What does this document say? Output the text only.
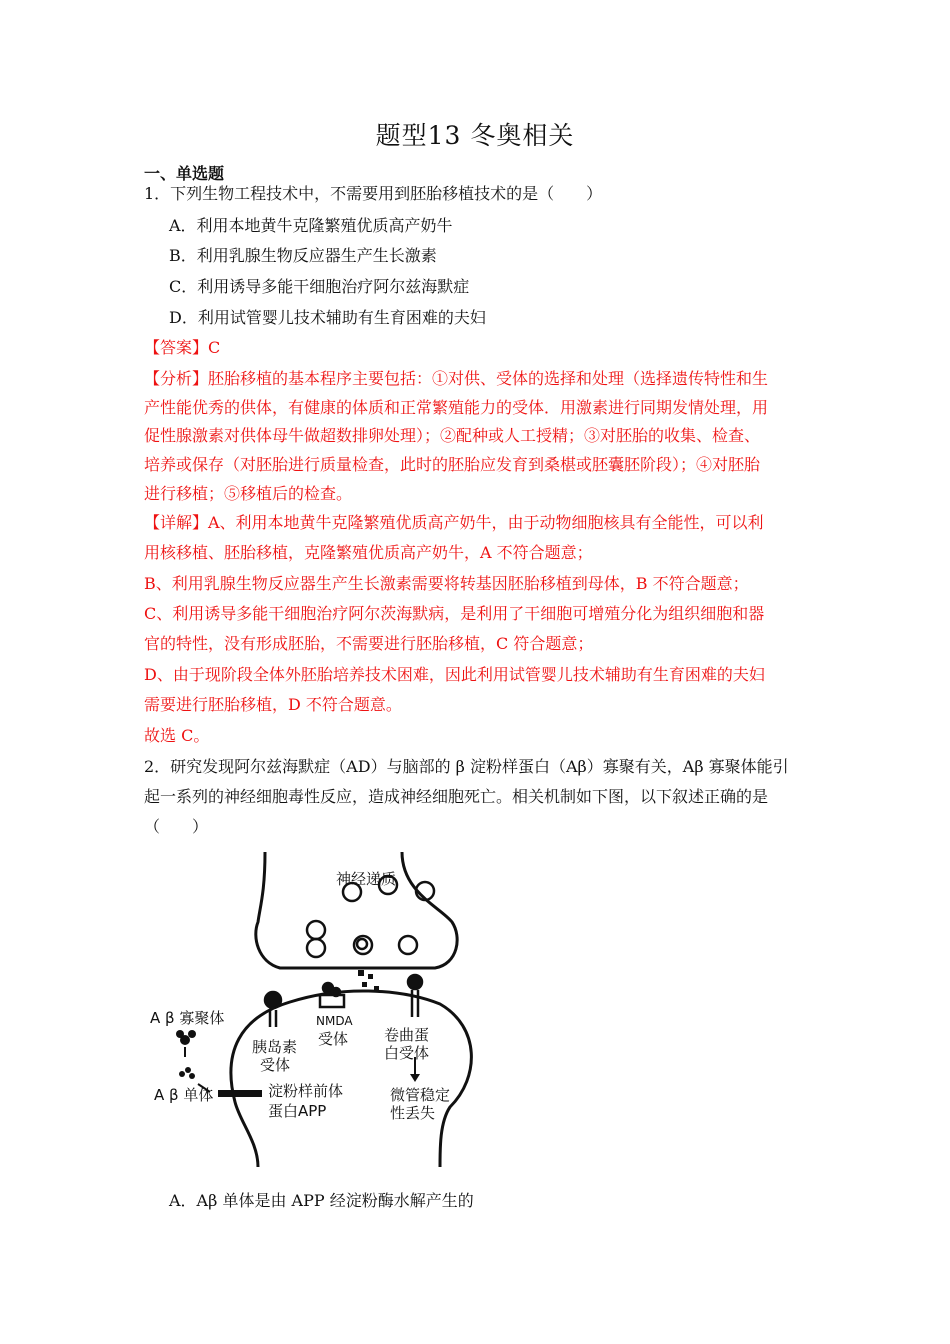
题型13 冬奥相关
一、单选题
1．下列生物工程技术中，不需要用到胚胎移植技术的是（　　）
A．利用本地黄牛克隆繁殖优质高产奶牛
B．利用乳腺生物反应器生产生长激素
C．利用诱导多能干细胞治疗阿尔兹海默症
D．利用试管婴儿技术辅助有生育困难的夫妇
【答案】C
【分析】胚胎移植的基本程序主要包括：①对供、受体的选择和处理（选择遗传特性和生
产性能优秀的供体，有健康的体质和正常繁殖能力的受体．用激素进行同期发情处理，用
促性腺激素对供体母牛做超数排卵处理）；②配种或人工授精；③对胚胎的收集、检查、
培养或保存（对胚胎进行质量检查，此时的胚胎应发育到桑椹或胚囊胚阶段）；④对胚胎
进行移植；⑤移植后的检查。
【详解】A、利用本地黄牛克隆繁殖优质高产奶牛，由于动物细胞核具有全能性，可以利
用核移植、胚胎移植，克隆繁殖优质高产奶牛，A 不符合题意；
B、利用乳腺生物反应器生产生长激素需要将转基因胚胎移植到母体，B 不符合题意；
C、利用诱导多能干细胞治疗阿尔茨海默病，是利用了干细胞可增殖分化为组织细胞和器
官的特性，没有形成胚胎，不需要进行胚胎移植，C 符合题意；
D、由于现阶段全体外胚胎培养技术困难，因此利用试管婴儿技术辅助有生育困难的夫妇
需要进行胚胎移植，D 不符合题意。
故选 C。
2．研究发现阿尔兹海默症（AD）与脑部的 β 淀粉样蛋白（Aβ）寡聚有关，Aβ 寡聚体能引
起一系列的神经细胞毒性反应，造成神经细胞死亡。相关机制如下图，以下叙述正确的是
（　　）
神经递质
A β 寡聚体
胰岛素
受体
NMDA
受体 卷曲蛋
白受体
A β 单体	淀粉样前体
蛋白APP
微管稳定
性丢失
A．Aβ 单体是由 APP 经淀粉酶水解产生的
